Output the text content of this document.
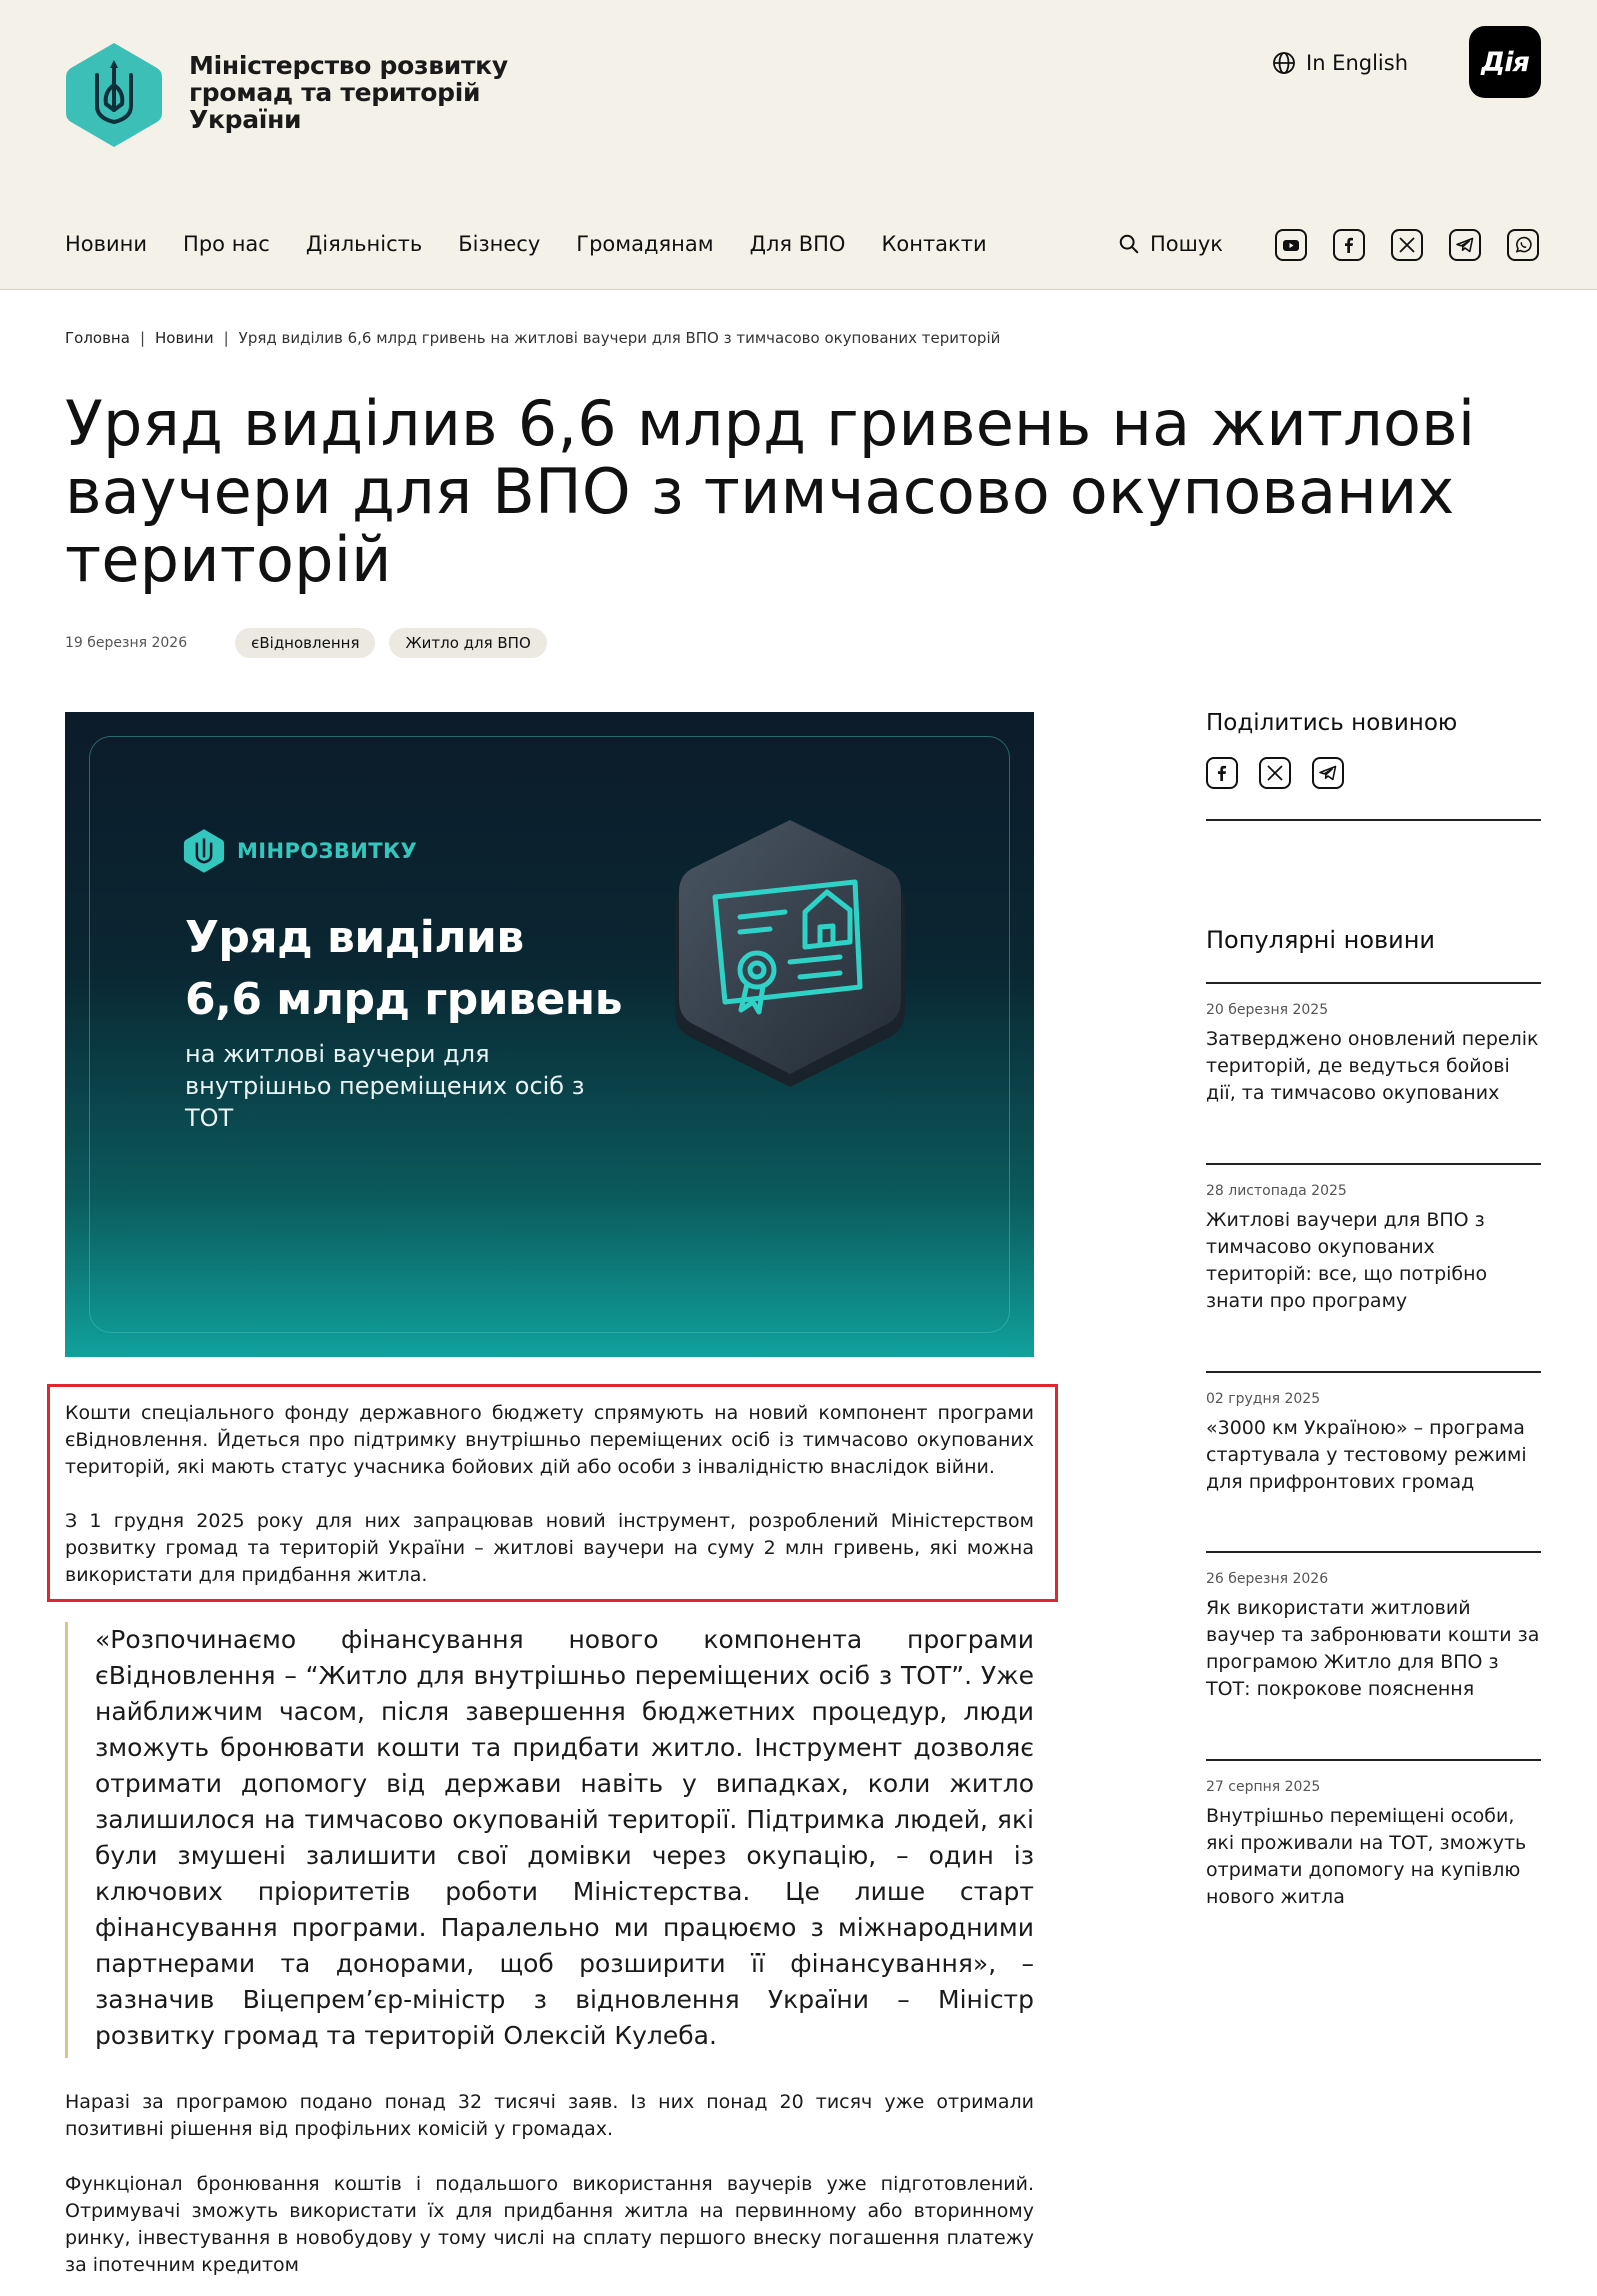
Міністерство розвитку громад та територій України
In English	Дія
Новини Про нас Діяльність Бізнесу Громадянам Для ВПО Контакти	Пошук
Головна | Новини | Уряд виділив 6,6 млрд гривень на житлові ваучери для ВПО з тимчасово окупованих територій
Уряд виділив 6,6 млрд гривень на житлові ваучери для ВПО з тимчасово окупованих територій
19 березня 2026	єВідновлення	Житло для ВПО
МІНРОЗВИТКУ
Уряд виділив
6,6 млрд гривень
на житлові ваучери для внутрішньо переміщених осіб з ТОТ

Кошти спеціального фонду державного бюджету спрямують на новий компонент програми єВідновлення. Йдеться про підтримку внутрішньо переміщених осіб із тимчасово окупованих територій, які мають статус учасника бойових дій або особи з інвалідністю внаслідок війни.

З 1 грудня 2025 року для них запрацював новий інструмент, розроблений Міністерством розвитку громад та територій України – житлові ваучери на суму 2 млн гривень, які можна використати для придбання житла.

«Розпочинаємо фінансування нового компонента програми єВідновлення – “Житло для внутрішньо переміщених осіб з ТОТ”. Уже найближчим часом, після завершення бюджетних процедур, люди зможуть бронювати кошти та придбати житло. Інструмент дозволяє отримати допомогу від держави навіть у випадках, коли житло залишилося на тимчасово окупованій території. Підтримка людей, які були змушені залишити свої домівки через окупацію, – один із ключових пріоритетів роботи Міністерства. Це лише старт фінансування програми. Паралельно ми працюємо з міжнародними партнерами та донорами, щоб розширити її фінансування», – зазначив Віцепрем’єр-міністр з відновлення України – Міністр розвитку громад та територій Олексій Кулеба.

Наразі за програмою подано понад 32 тисячі заяв. Із них понад 20 тисяч уже отримали позитивні рішення від профільних комісій у громадах.

Функціонал бронювання коштів і подальшого використання ваучерів уже підготовлений. Отримувачі зможуть використати їх для придбання житла на первинному або вторинному ринку, інвестування в новобудову у тому числі на сплату першого внеску погашення платежу за іпотечним кредитом

Поділитись новиною
Популярні новини
20 березня 2025
Затверджено оновлений перелік територій, де ведуться бойові дії, та тимчасово окупованих
28 листопада 2025
Житлові ваучери для ВПО з тимчасово окупованих територій: все, що потрібно знати про програму
02 грудня 2025
«3000 км Україною» – програма стартувала у тестовому режимі для прифронтових громад
26 березня 2026
Як використати житловий ваучер та забронювати кошти за програмою Житло для ВПО з ТОТ: покрокове пояснення
27 серпня 2025
Внутрішньо переміщені особи, які проживали на ТОТ, зможуть отримати допомогу на купівлю нового житла
